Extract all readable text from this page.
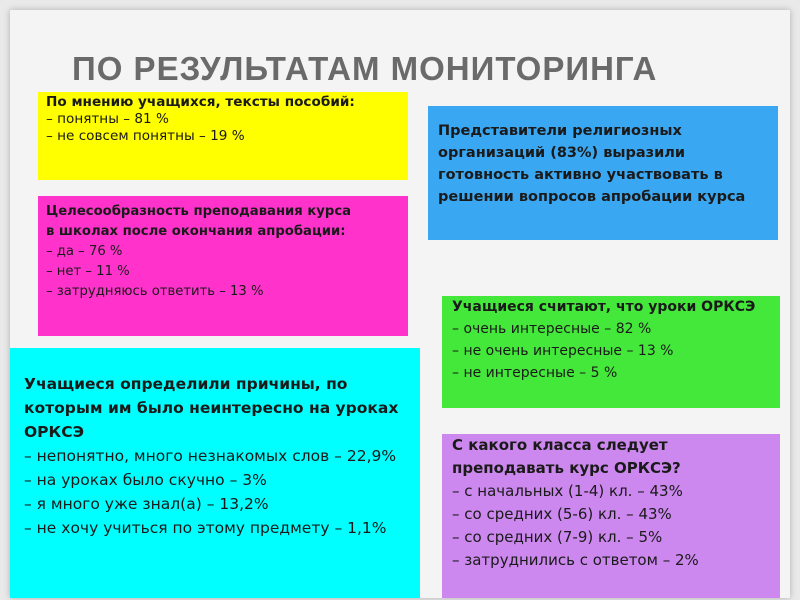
ПО РЕЗУЛЬТАТАМ МОНИТОРИНГА
По мнению учащихся, тексты пособий:
– понятны – 81 %
– не совсем понятны – 19 %	Представители религиозных организаций (83%) выразили готовность активно участвовать в решении вопросов апробации курса
Целесообразность преподавания курса
в школах после окончания апробации:
– да – 76 %
– нет – 11 %
– затрудняюсь ответить – 13 %
Учащиеся считают, что уроки ОРКСЭ
– очень интересные – 82 %
– не очень интересные – 13 %
– не интересные – 5 %
Учащиеся определили причины, по которым им было неинтересно на уроках ОРКСЭ
– непонятно, много незнакомых слов – 22,9%
– на уроках было скучно – 3%
– я много уже знал(а) – 13,2%
– не хочу учиться по этому предмету – 1,1%
С какого класса следует преподавать курс ОРКСЭ?
– с начальных (1-4) кл. – 43%
– со средних (5-6) кл. – 43%
– со средних (7-9) кл. – 5%
– затруднились с ответом – 2%
